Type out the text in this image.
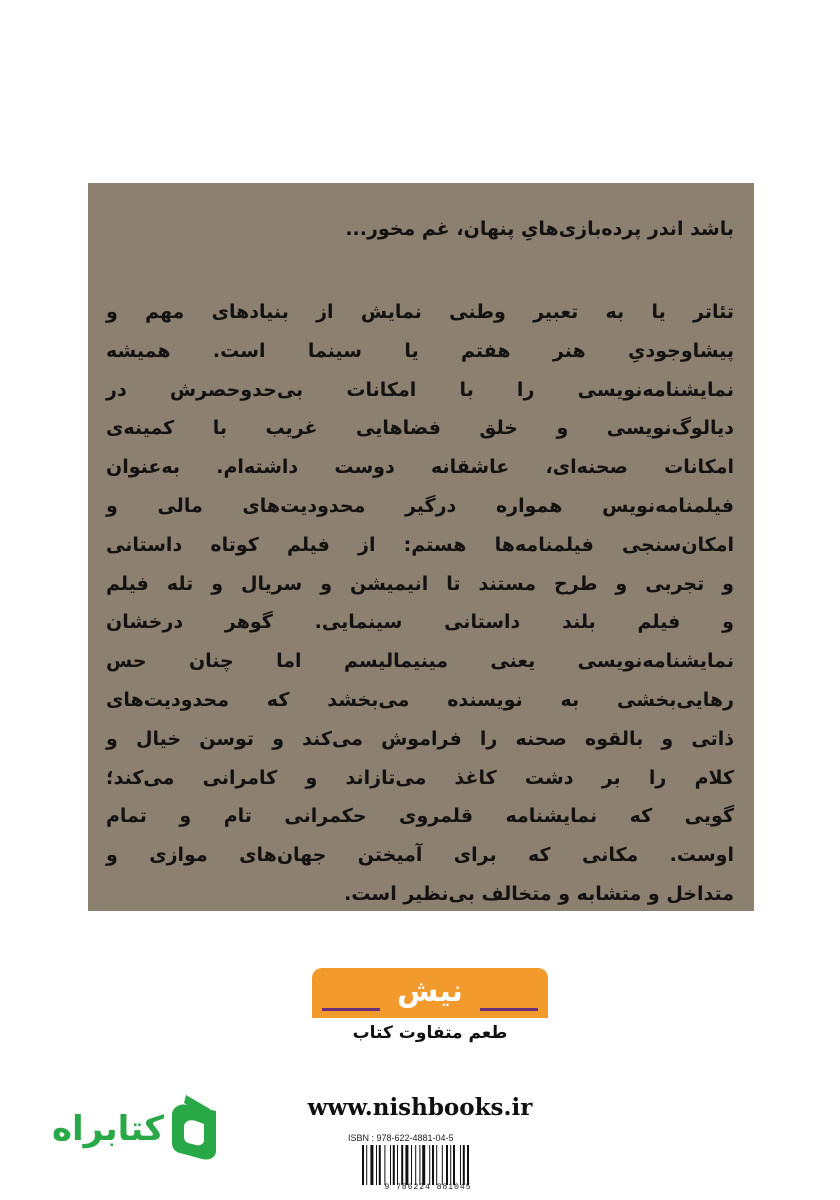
باشد اندر پرده‌بازی‌هایِ پنهان، غم مخور...
تئاتر یا به تعبیر وطنی نمایش از بنیادهای مهم و
پیشاوجودیِ هنر هفتم یا سینما است. همیشه
نمایشنامه‌نویسی را با امکانات بی‌حدوحصرش در
دیالوگ‌نویسی و خلق فضاهایی غریب با کمینه‌ی
امکانات صحنه‌ای، عاشقانه دوست داشته‌ام. به‌عنوان
فیلمنامه‌نویس همواره درگیر محدودیت‌های مالی و
امکان‌سنجی فیلمنامه‌ها هستم: از فیلم کوتاه داستانی
و تجربی و طرح مستند تا انیمیشن و سریال و تله فیلم
و فیلم بلند داستانی سینمایی. گوهر درخشان
نمایشنامه‌نویسی یعنی مینیمالیسم اما چنان حس
رهایی‌بخشی به نویسنده می‌بخشد که محدودیت‌های
ذاتی و بالقوه صحنه را فراموش می‌کند و توسن خیال و
کلام را بر دشت کاغذ می‌تازاند و کامرانی می‌کند؛
گویی که نمایشنامه قلمروی حکمرانی تام و تمام
اوست. مکانی که برای آمیختن جهان‌های موازی و
متداخل و متشابه و متخالف بی‌نظیر است.
نیش
طعم متفاوت کتاب
کتابراه
www.nishbooks.ir
ISBN : 978-622-4881-04-5
9 786224 881045
